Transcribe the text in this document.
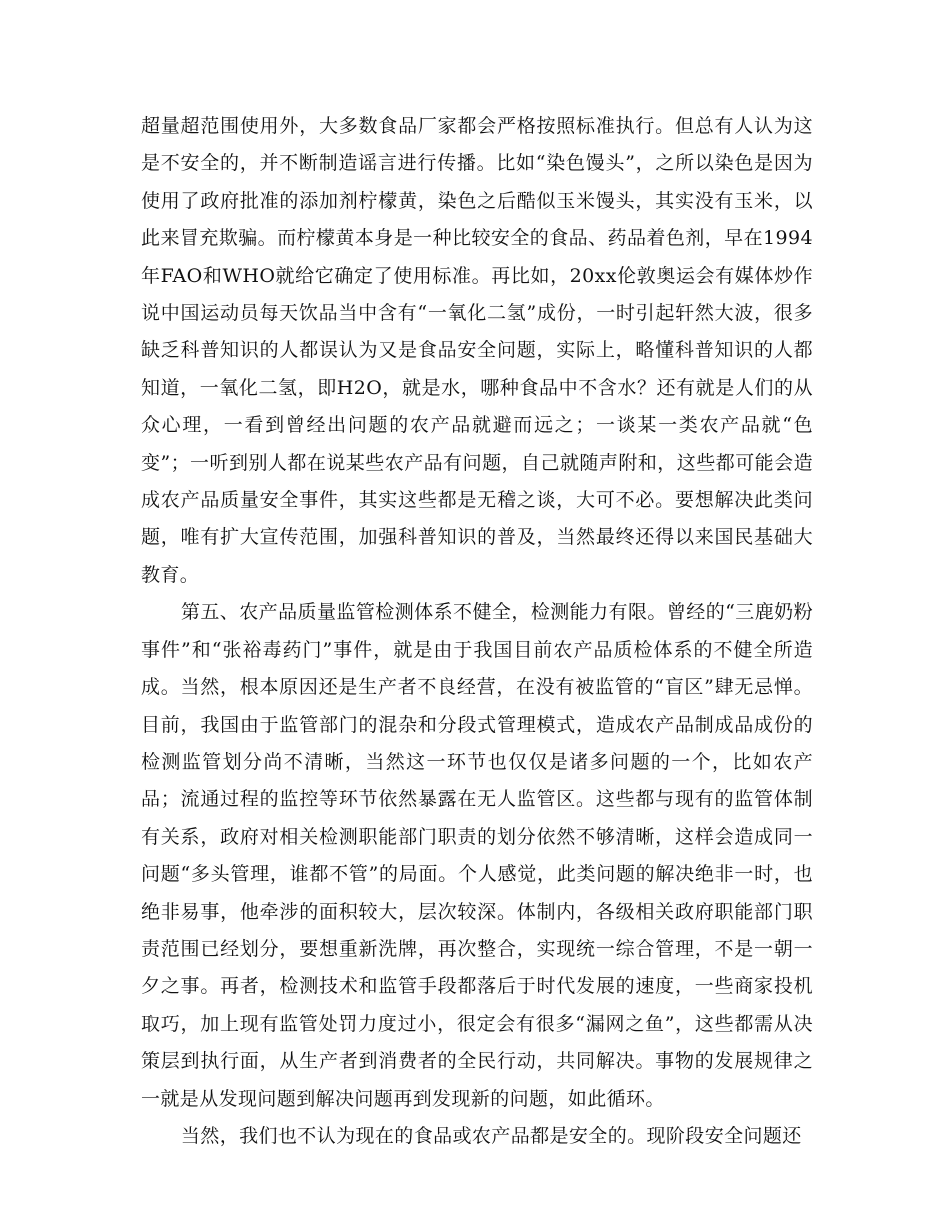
超量超范围使用外，大多数食品厂家都会严格按照标准执行。但总有人认为这是不安全的，并不断制造谣言进行传播。比如“染色馒头”，之所以染色是因为使用了政府批准的添加剂柠檬黄，染色之后酷似玉米馒头，其实没有玉米，以此来冒充欺骗。而柠檬黄本身是一种比较安全的食品、药品着色剂，早在1994年FAO和WHO就给它确定了使用标准。再比如，20xx伦敦奥运会有媒体炒作说中国运动员每天饮品当中含有“一氧化二氢”成份，一时引起轩然大波，很多缺乏科普知识的人都误认为又是食品安全问题，实际上，略懂科普知识的人都知道，一氧化二氢，即H2O，就是水，哪种食品中不含水？还有就是人们的从众心理，一看到曾经出问题的农产品就避而远之；一谈某一类农产品就“色变”；一听到别人都在说某些农产品有问题，自己就随声附和，这些都可能会造成农产品质量安全事件，其实这些都是无稽之谈，大可不必。要想解决此类问题，唯有扩大宣传范围，加强科普知识的普及，当然最终还得以来国民基础大教育。

第五、农产品质量监管检测体系不健全，检测能力有限。曾经的“三鹿奶粉事件”和“张裕毒药门”事件，就是由于我国目前农产品质检体系的不健全所造成。当然，根本原因还是生产者不良经营，在没有被监管的“盲区”肆无忌惮。目前，我国由于监管部门的混杂和分段式管理模式，造成农产品制成品成份的检测监管划分尚不清晰，当然这一环节也仅仅是诸多问题的一个，比如农产品；流通过程的监控等环节依然暴露在无人监管区。这些都与现有的监管体制有关系，政府对相关检测职能部门职责的划分依然不够清晰，这样会造成同一问题“多头管理，谁都不管”的局面。个人感觉，此类问题的解决绝非一时，也绝非易事，他牵涉的面积较大，层次较深。体制内，各级相关政府职能部门职责范围已经划分，要想重新洗牌，再次整合，实现统一综合管理，不是一朝一夕之事。再者，检测技术和监管手段都落后于时代发展的速度，一些商家投机取巧，加上现有监管处罚力度过小，很定会有很多“漏网之鱼”，这些都需从决策层到执行面，从生产者到消费者的全民行动，共同解决。事物的发展规律之一就是从发现问题到解决问题再到发现新的问题，如此循环。

当然，我们也不认为现在的食品或农产品都是安全的。现阶段安全问题还
